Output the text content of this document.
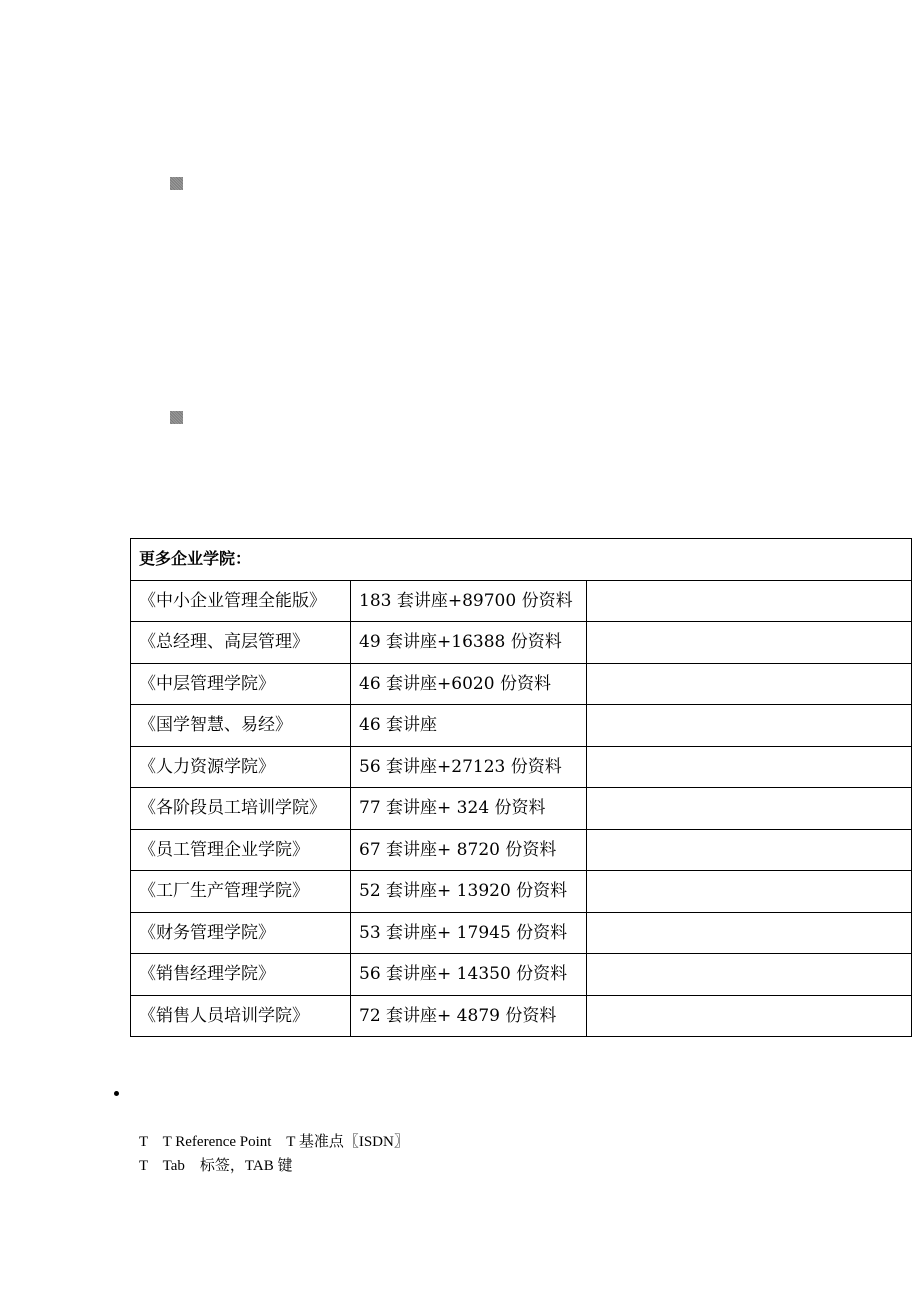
更多企业学院：		
《中小企业管理全能版》	183 套讲座+89700 份资料	
《总经理、高层管理》	49 套讲座+16388 份资料	
《中层管理学院》	46 套讲座+6020 份资料	
《国学智慧、易经》	46 套讲座	
《人力资源学院》	56 套讲座+27123 份资料	
《各阶段员工培训学院》	77 套讲座+ 324 份资料	
《员工管理企业学院》	67 套讲座+ 8720 份资料	
《工厂生产管理学院》	52 套讲座+ 13920 份资料	
《财务管理学院》	53 套讲座+ 17945 份资料	
《销售经理学院》	56 套讲座+ 14350 份资料	
《销售人员培训学院》	72 套讲座+ 4879 份资料	
T    T Reference Point    T 基准点〖ISDN〗
T    Tab    标签，TAB 键
